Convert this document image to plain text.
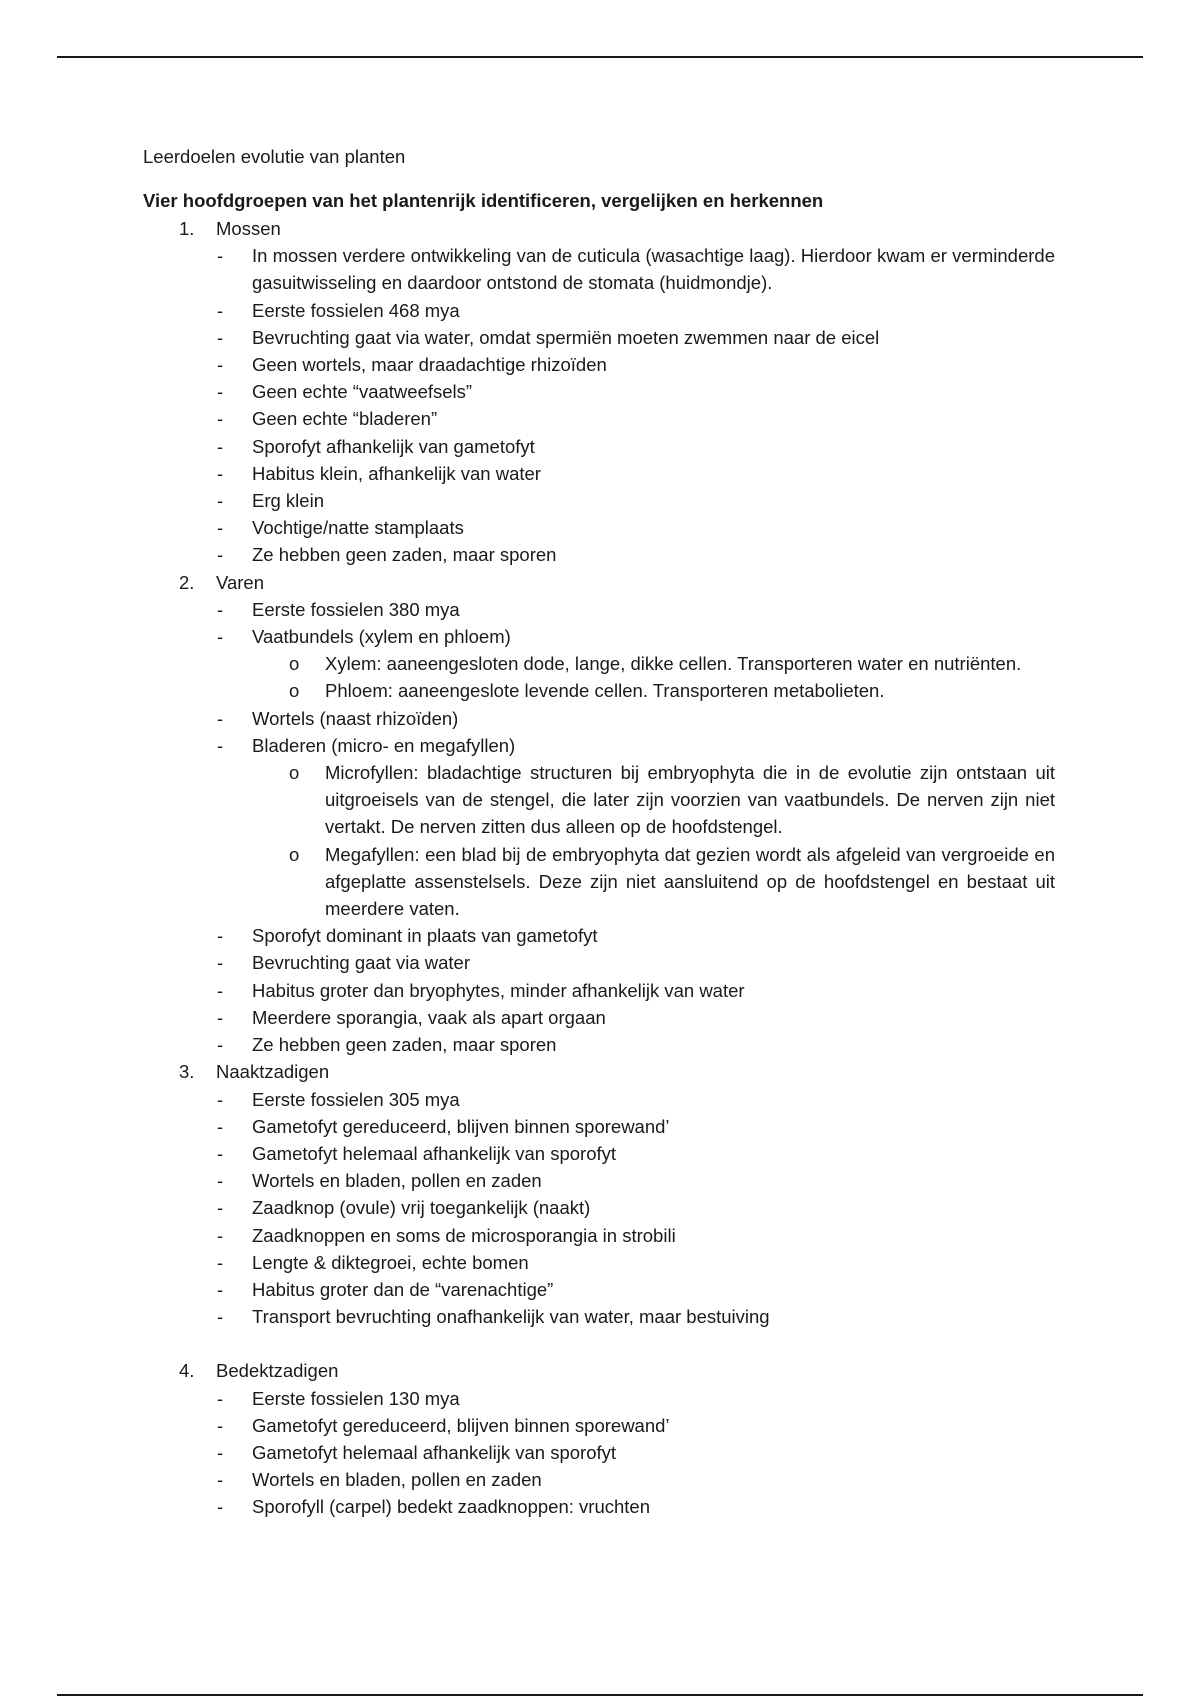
Leerdoelen evolutie van planten

Vier hoofdgroepen van het plantenrijk identificeren, vergelijken en herkennen

1.	Mossen
- In mossen verdere ontwikkeling van de cuticula (wasachtige laag). Hierdoor kwam er verminderde gasuitwisseling en daardoor ontstond de stomata (huidmondje).
- Eerste fossielen 468 mya
- Bevruchting gaat via water, omdat spermiën moeten zwemmen naar de eicel
- Geen wortels, maar draadachtige rhizoïden
- Geen echte “vaatweefsels”
- Geen echte “bladeren”
- Sporofyt afhankelijk van gametofyt
- Habitus klein, afhankelijk van water
- Erg klein
- Vochtige/natte stamplaats
- Ze hebben geen zaden, maar sporen
2.	Varen
- Eerste fossielen 380 mya
- Vaatbundels (xylem en phloem)
o Xylem: aaneengesloten dode, lange, dikke cellen. Transporteren water en nutriënten.
o Phloem: aaneengeslote levende cellen. Transporteren metabolieten.
- Wortels (naast rhizoïden)
- Bladeren (micro- en megafyllen)
o Microfyllen: bladachtige structuren bij embryophyta die in de evolutie zijn ontstaan uit uitgroeisels van de stengel, die later zijn voorzien van vaatbundels. De nerven zijn niet vertakt. De nerven zitten dus alleen op de hoofdstengel.
o Megafyllen: een blad bij de embryophyta dat gezien wordt als afgeleid van vergroeide en afgeplatte assenstelsels. Deze zijn niet aansluitend op de hoofdstengel en bestaat uit meerdere vaten.
- Sporofyt dominant in plaats van gametofyt
- Bevruchting gaat via water
- Habitus groter dan bryophytes, minder afhankelijk van water
- Meerdere sporangia, vaak als apart orgaan
- Ze hebben geen zaden, maar sporen
3.	Naaktzadigen
- Eerste fossielen 305 mya
- Gametofyt gereduceerd, blijven binnen sporewand’
- Gametofyt helemaal afhankelijk van sporofyt
- Wortels en bladen, pollen en zaden
- Zaadknop (ovule) vrij toegankelijk (naakt)
- Zaadknoppen en soms de microsporangia in strobili
- Lengte & diktegroei, echte bomen
- Habitus groter dan de “varenachtige”
- Transport bevruchting onafhankelijk van water, maar bestuiving
4.	Bedektzadigen
- Eerste fossielen 130 mya
- Gametofyt gereduceerd, blijven binnen sporewand’
- Gametofyt helemaal afhankelijk van sporofyt
- Wortels en bladen, pollen en zaden
- Sporofyll (carpel) bedekt zaadknoppen: vruchten
